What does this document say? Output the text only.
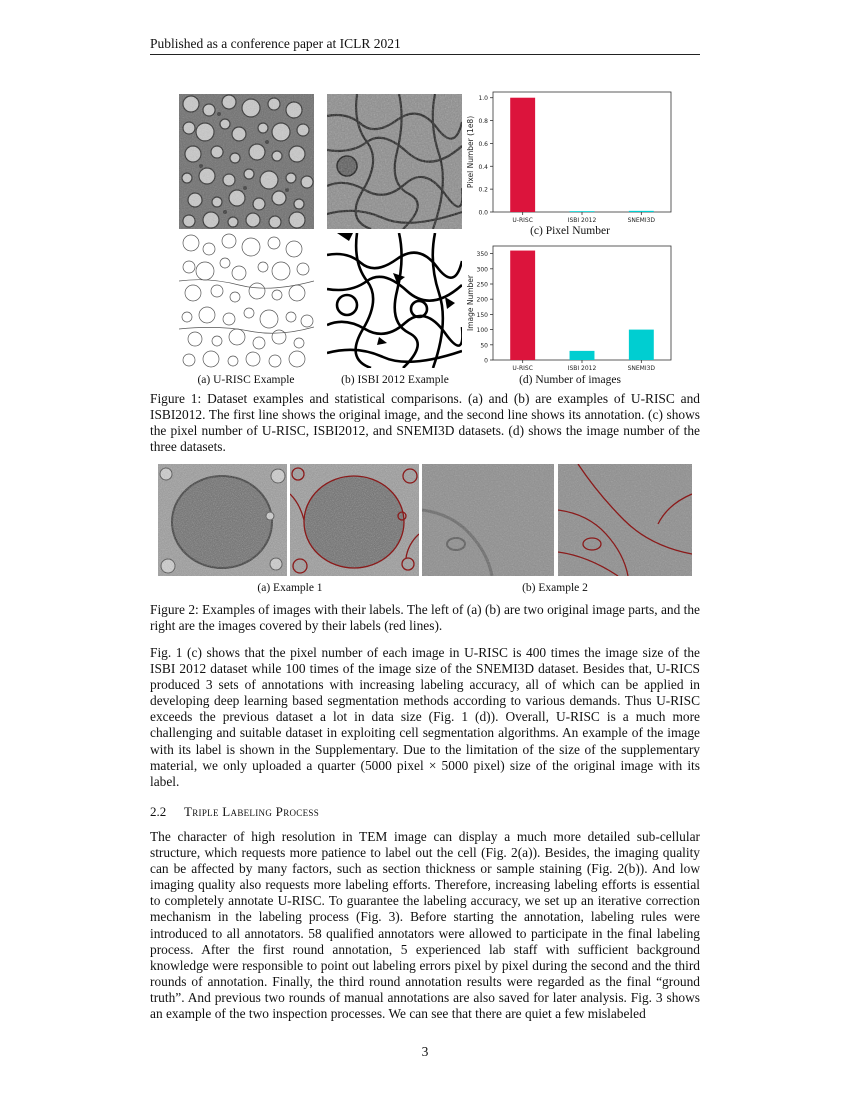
Published as a conference paper at ICLR 2021
0.0
0.2
0.4
0.6
0.8
1.0
U-RISC	ISBI 2012	SNEMI3D
Pixel Number (1e8)
0
50
100
150
200
250
300
350
U-RISC	ISBI 2012	SNEMI3D
Image Number
(a) U-RISC Example	(b) ISBI 2012 Example
(c) Pixel Number
(d) Number of images
Figure 1: Dataset examples and statistical comparisons. (a) and (b) are examples of U-RISC and ISBI2012. The first line shows the original image, and the second line shows its annotation. (c) shows the pixel number of U-RISC, ISBI2012, and SNEMI3D datasets. (d) shows the image number of the three datasets.
(a) Example 1	(b) Example 2
Figure 2: Examples of images with their labels. The left of (a) (b) are two original image parts, and the right are the images covered by their labels (red lines).
Fig. 1 (c) shows that the pixel number of each image in U-RISC is 400 times the image size of the ISBI 2012 dataset while 100 times of the image size of the SNEMI3D dataset. Besides that, U-RICS produced 3 sets of annotations with increasing labeling accuracy, all of which can be applied in developing deep learning based segmentation methods according to various demands. Thus U-RISC exceeds the previous dataset a lot in data size (Fig. 1 (d)). Overall, U-RISC is a much more challenging and suitable dataset in exploiting cell segmentation algorithms. An example of the image with its label is shown in the Supplementary. Due to the limitation of the size of the supplementary material, we only uploaded a quarter (5000 pixel × 5000 pixel) size of the original image with its label.
2.2 Triple Labeling Process
The character of high resolution in TEM image can display a much more detailed sub-cellular structure, which requests more patience to label out the cell (Fig. 2(a)). Besides, the imaging quality can be affected by many factors, such as section thickness or sample staining (Fig. 2(b)). And low imaging quality also requests more labeling efforts. Therefore, increasing labeling efforts is essential to completely annotate U-RISC. To guarantee the labeling accuracy, we set up an iterative correction mechanism in the labeling process (Fig. 3). Before starting the annotation, labeling rules were introduced to all annotators. 58 qualified annotators were allowed to participate in the final labeling process. After the first round annotation, 5 experienced lab staff with sufficient background knowledge were responsible to point out labeling errors pixel by pixel during the second and the third rounds of annotation. Finally, the third round annotation results were regarded as the final “ground truth”. And previous two rounds of manual annotations are also saved for later analysis. Fig. 3 shows an example of the two inspection processes. We can see that there are quiet a few mislabeled
3
